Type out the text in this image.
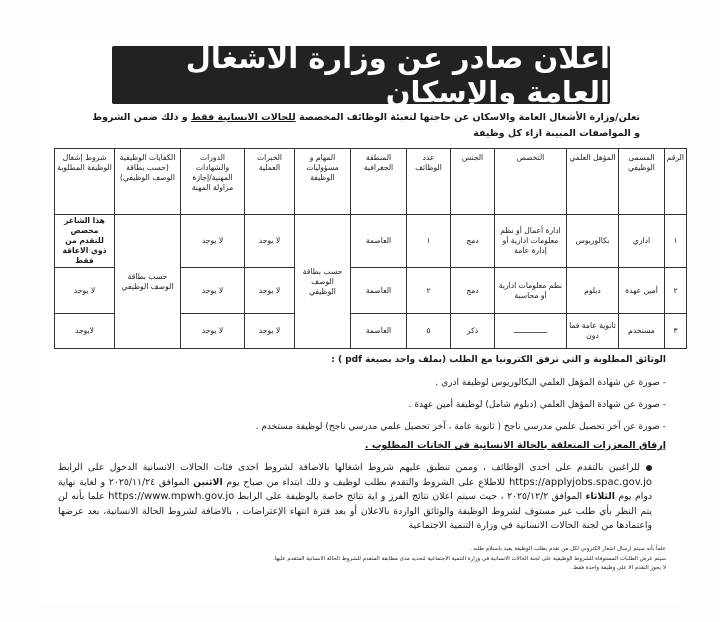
اعلان صادر عن وزارة الاشغال العامة والإسكان
تعلن/وزارة الأشغال العامة والاسكان عن حاجتها لتعبئة الوظائف المخصصة للحالات الانسانية فقط و ذلك ضمن الشروط و المواصفات المبينة ازاء كل وظيفة
الرقم	المسمى الوظيفي	المؤهل العلمي	التخصص	الجنس	عدد الوظائف	المنطقة الجغرافية	المهام و مسؤوليات الوظيفة	الخبرات العملية	الدورات والشهادات المهنية/إجازة مزاولة المهنة	الكفايات الوظيفية (حسب بطاقة الوصف الوظيفي)	شروط إشغال الوظيفة المطلوبة
١	اداري	بكالوريوس	ادارة أعمال أو نظم معلومات ادارية أو إدارة عامة	دمج	١	العاصمة	حسب بطاقة الوصف الوظيفي	لا يوجد	لا يوجد	حسب بطاقة الوصف الوظيفي	هذا الشاغر مخصص للتقدم من ذوي الاعاقة فقط
٢	أمين عهدة	دبلوم	نظم معلومات ادارية أو محاسبة	دمج	٢	العاصمة		لا يوجد	لا يوجد		لا يوجد
٣	مستخدم	ثانوية عامة فما دون	ـــــــــــــــ	ذكر	٥	العاصمة		لا يوجد	لا يوجد		لايوجد
الوثائق المطلوبة و التي ترفق الكترونيا مع الطلب (بملف واحد بصيغة pdf ) :
- صورة عن شهادة المؤهل العلمي البكالوريوس لوظيفة ادري .
- صورة عن شهادة المؤهل العلمي (دبلوم شامل) لوظيفة أمين عهدة .
- صورة عن آخر تحصيل علمي مدرسي ناجح ( ثانوية عامة ، آخر تحصيل علمي مدرسي ناجح) لوظيفة مستخدم .
إرفاق المعززات المتعلقة بالحالة الانسانية في الخانات المطلوب .
للراغبين بالتقدم على احدى الوظائف ، وممن تنطبق عليهم شروط اشغالها بالاضافة لشروط احدى فئات الحالات الانسانية الدخول على الرابط https://applyjobs.spac.gov.jo للاطلاع على الشروط والتقدم بطلب لوظيف و ذلك ابتداء من صباح يوم الاثنين الموافق ٢٠٢٥/١١/٢٤ و لغاية نهاية دوام يوم الثلاثاء الموافق ٢٠٢٥/١٢/٢ ، حيث سيتم اعلان نتائج الفرز و اية نتائج خاصة بالوظيفة على الرابط https://www.mpwh.gov.jo علما بأنه لن يتم النظر بأي طلب غير مستوف لشروط الوظيفة والوثائق الواردة بالاعلان أو بعد فترة انتهاء الإعتراضات ، بالاضافة لشروط الحالة الانسانية، بعد عرضها واعتمادها من لجنة الحالات الانسانية في وزارة التنمية الاجتماعية
علماً بأنه سيتم ارسال اشعار الكتروني لكل من تقدم بطلب الوظيفة يفيد باستلام طلبه .
سيتم عرض الطلبات المستوفاة للشروط الوظيفية على لجنة الحالات الانسانية في وزارة التنمية الاجتماعية لتحديد مدى مطابقة المتقدم للشروط الحالة الانسانية المتقدم عليها.
لا يجوز التقدم الا على وظيفة واحدة فقط.
